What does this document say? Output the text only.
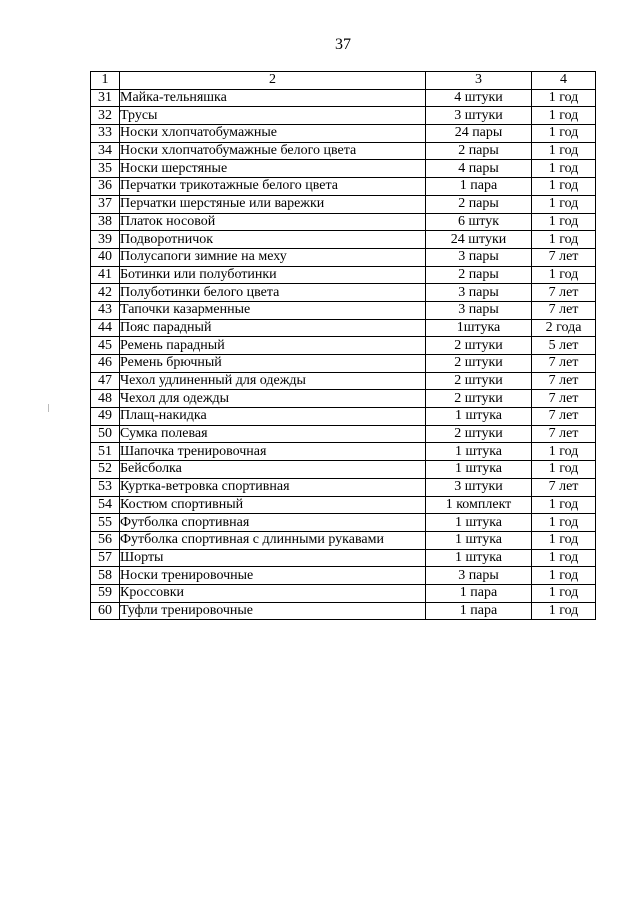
37
1	2	3	4
31	Майка-тельняшка	4 штуки	1 год
32	Трусы	3 штуки	1 год
33	Носки хлопчатобумажные	24 пары	1 год
34	Носки хлопчатобумажные белого цвета	2 пары	1 год
35	Носки шерстяные	4 пары	1 год
36	Перчатки трикотажные белого цвета	1 пара	1 год
37	Перчатки шерстяные или варежки	2 пары	1 год
38	Платок носовой	6 штук	1 год
39	Подворотничок	24 штуки	1 год
40	Полусапоги зимние на меху	3 пары	7 лет
41	Ботинки или полуботинки	2 пары	1 год
42	Полуботинки белого цвета	3 пары	7 лет
43	Тапочки казарменные	3 пары	7 лет
44	Пояс парадный	1штука	2 года
45	Ремень парадный	2 штуки	5 лет
46	Ремень брючный	2 штуки	7 лет
47	Чехол удлиненный для одежды	2 штуки	7 лет
48	Чехол для одежды	2 штуки	7 лет
49	Плащ-накидка	1 штука	7 лет
50	Сумка полевая	2 штуки	7 лет
51	Шапочка тренировочная	1 штука	1 год
52	Бейсболка	1 штука	1 год
53	Куртка-ветровка спортивная	3 штуки	7 лет
54	Костюм спортивный	1 комплект	1 год
55	Футболка спортивная	1 штука	1 год
56	Футболка спортивная с длинными рукавами	1 штука	1 год
57	Шорты	1 штука	1 год
58	Носки тренировочные	3 пары	1 год
59	Кроссовки	1 пара	1 год
60	Туфли тренировочные	1 пара	1 год
